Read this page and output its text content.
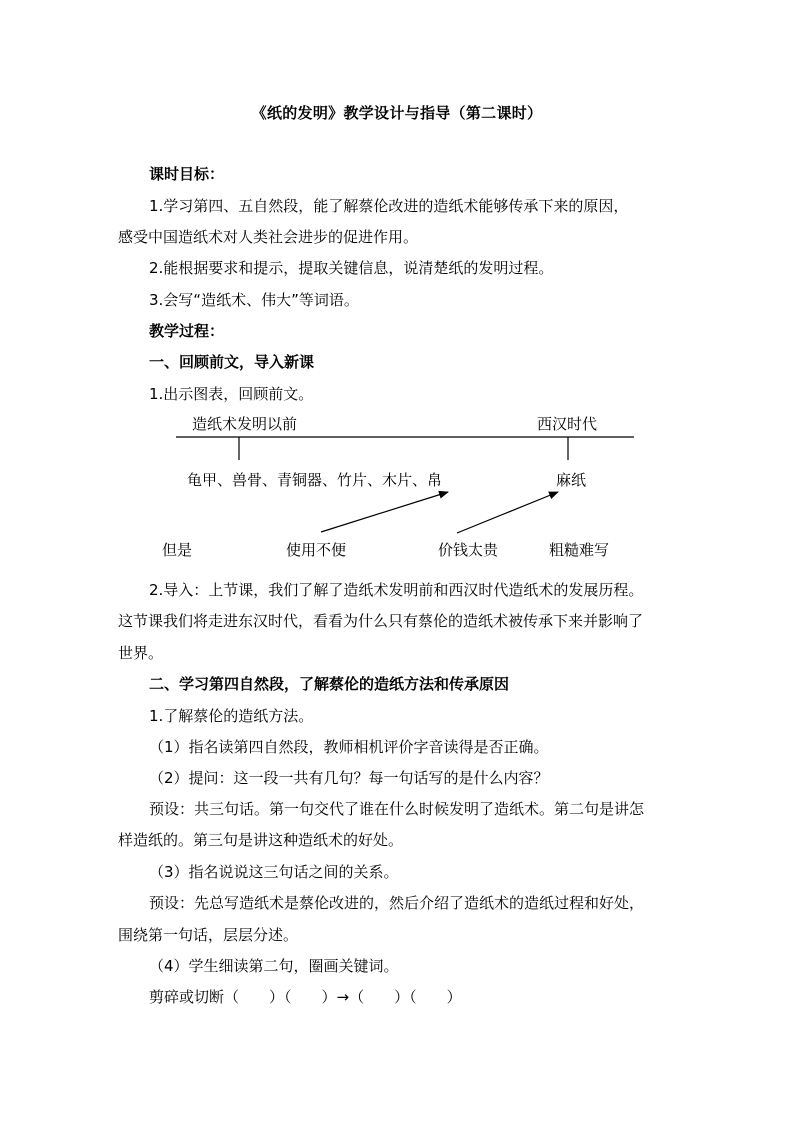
《纸的发明》教学设计与指导（第二课时）
课时目标：
1.学习第四、五自然段，能了解蔡伦改进的造纸术能够传承下来的原因，
感受中国造纸术对人类社会进步的促进作用。
2.能根据要求和提示，提取关键信息，说清楚纸的发明过程。
3.会写“造纸术、伟大”等词语。
教学过程：
一、回顾前文，导入新课
1.出示图表，回顾前文。
造纸术发明以前	西汉时代
龟甲、兽骨、青铜器、竹片、木片、帛	麻纸
但是	使用不便	价钱太贵	粗糙难写
2.导入：上节课，我们了解了造纸术发明前和西汉时代造纸术的发展历程。
这节课我们将走进东汉时代，看看为什么只有蔡伦的造纸术被传承下来并影响了
世界。
二、学习第四自然段，了解蔡伦的造纸方法和传承原因
1.了解蔡伦的造纸方法。
（1）指名读第四自然段，教师相机评价字音读得是否正确。
（2）提问：这一段一共有几句？每一句话写的是什么内容？
预设：共三句话。第一句交代了谁在什么时候发明了造纸术。第二句是讲怎
样造纸的。第三句是讲这种造纸术的好处。
（3）指名说说这三句话之间的关系。
预设：先总写造纸术是蔡伦改进的，然后介绍了造纸术的造纸过程和好处，
围绕第一句话，层层分述。
（4）学生细读第二句，圈画关键词。
剪碎或切断（　　）（　　）→（　　）（　　）
